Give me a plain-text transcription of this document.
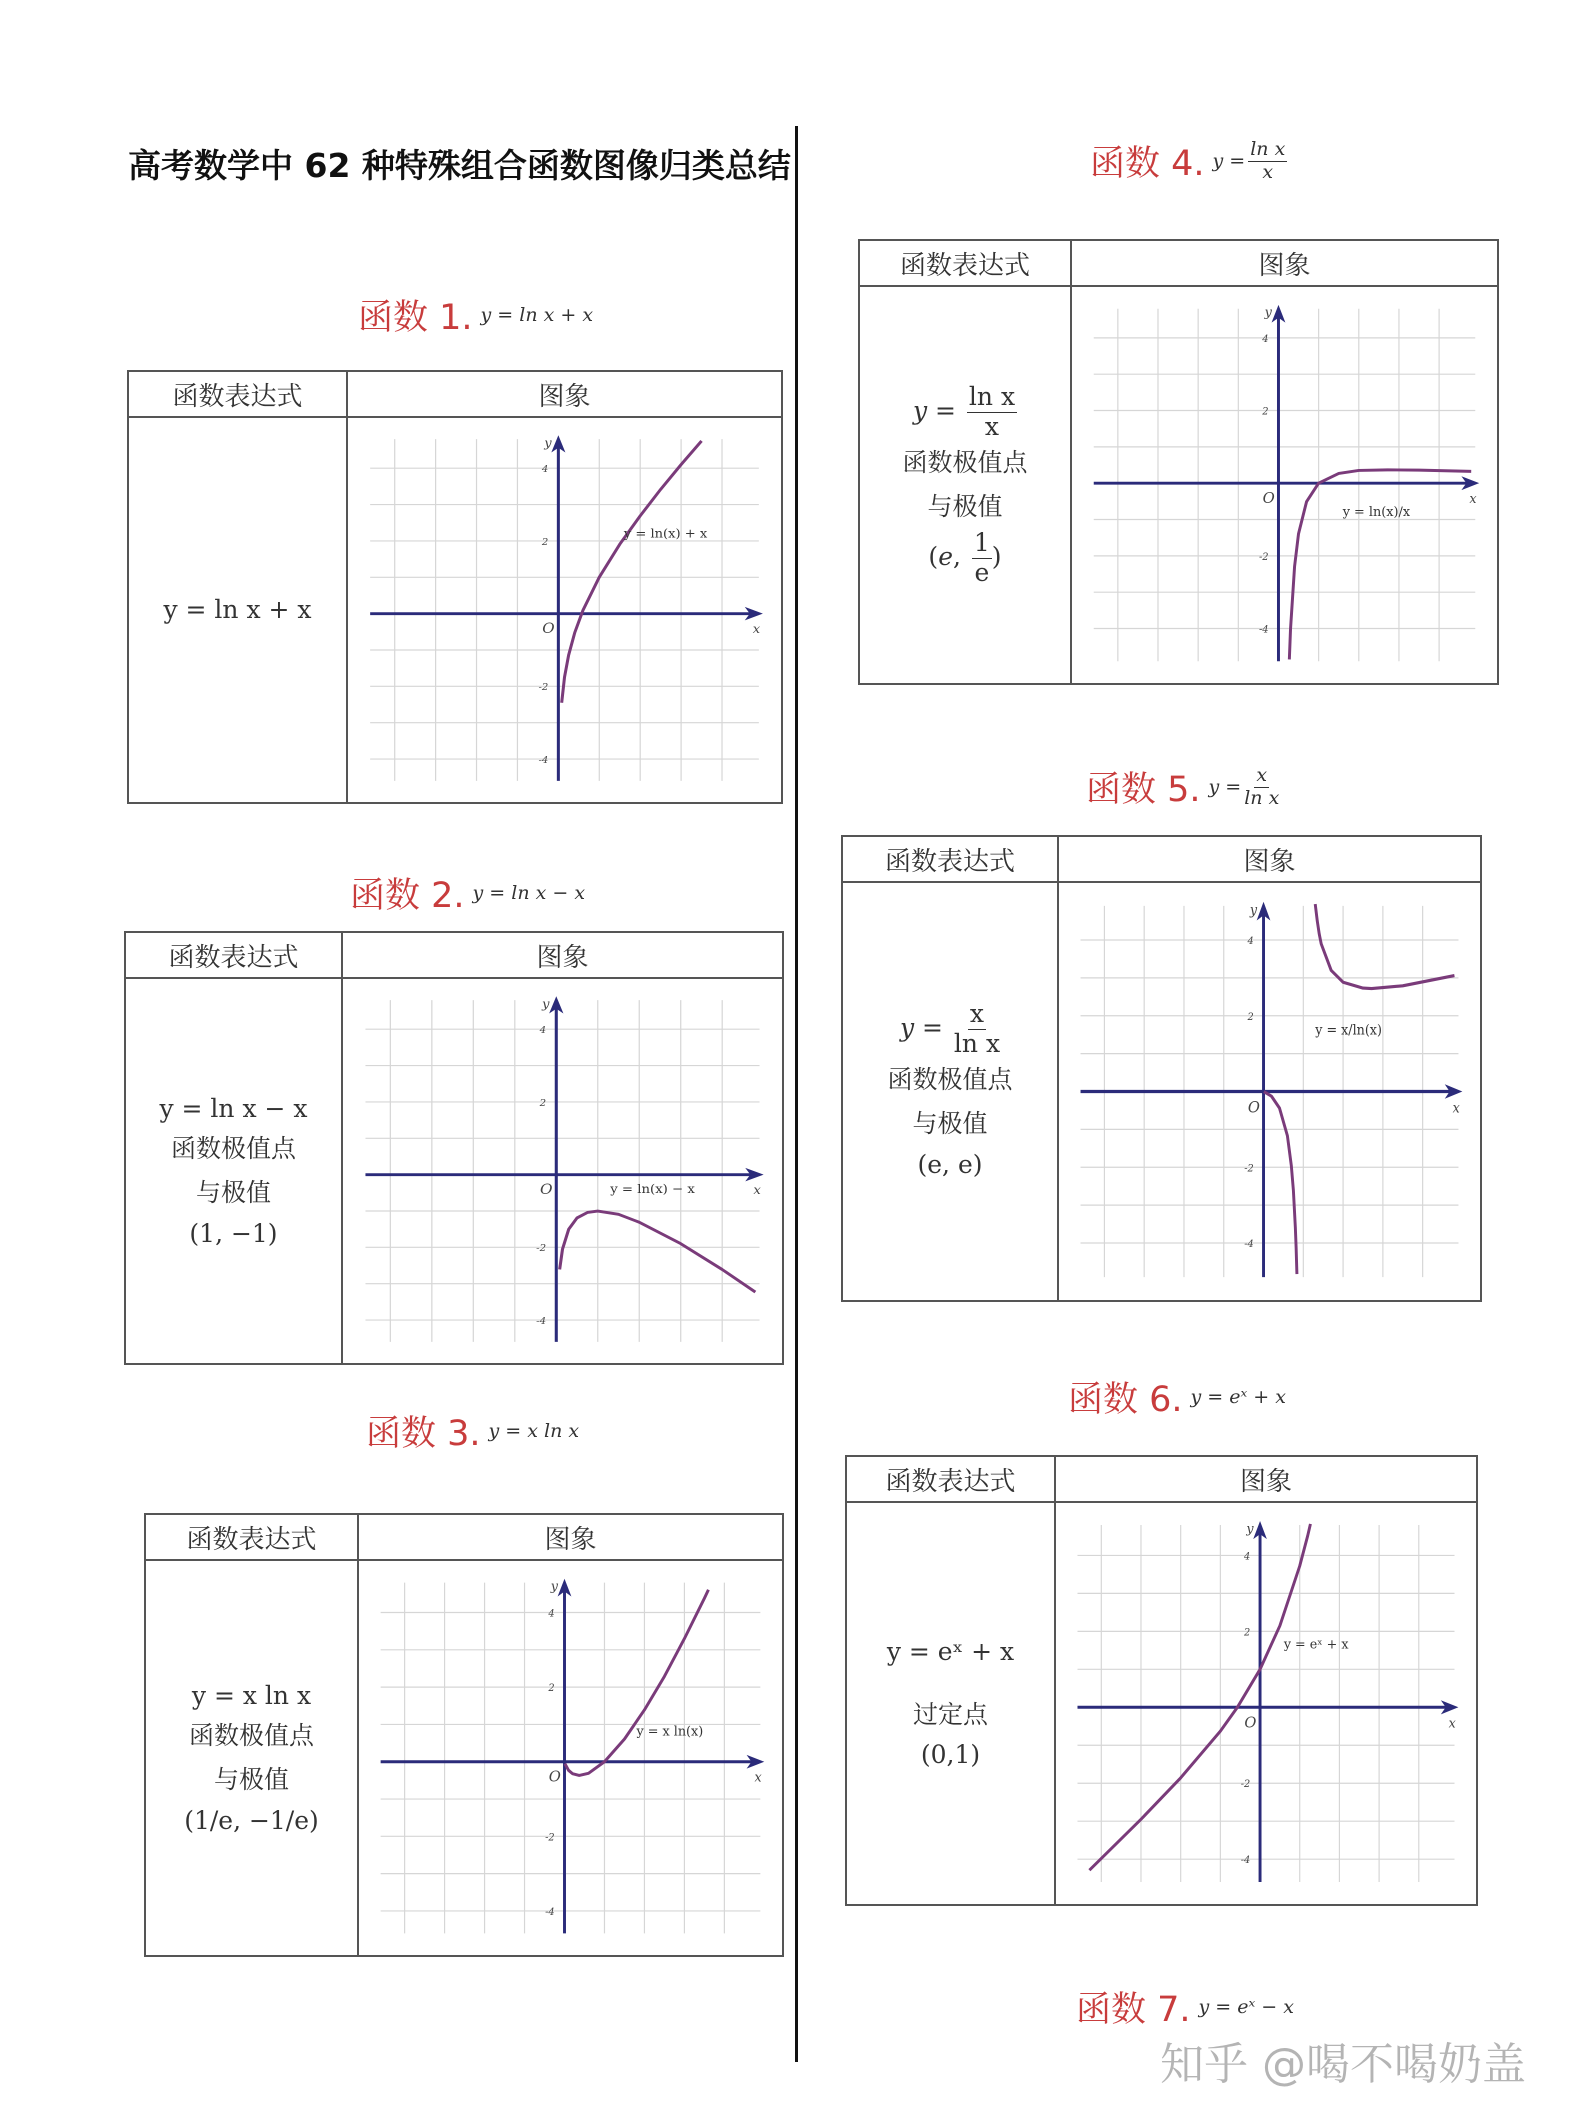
高考数学中 62 种特殊组合函数图像归类总结
函数 1. y = ln x + x
函数 2. y = ln x − x
函数 3. y = x ln x
函数 4. $y = \frac{\text{ln x}}{x}$
函数 5. $y = \frac{x}{\text{ln x}}$
函数 6. y = eˣ + x
函数 7. y = eˣ − x
函数表达式	图象

y = ln x + x

x
y
O
4
2
-2
-4
y = ln(x) + x
函数表达式	图象

y = ln x − x
函数极值点
与极值
(1, −1)

x
y
O
4
2
-2
-4
y = ln(x) − x
函数表达式	图象

y = x ln x
函数极值点
与极值
(1/e, −1/e)

x
y
O
4
2
-2
-4
y = x ln(x)
函数表达式	图象

$y = \frac{\text{ln x}}{x}$
函数极值点
与极值
(e, $\frac{1}{e}$ )

x
y
O
4
2
-2
-4
y = ln(x)/x
函数表达式	图象

$y = \frac{x}{\text{ln x}}$
函数极值点
与极值
(e, e)

x
y
O
4
2
-2
-4
y = x/ln(x)
函数表达式	图象

y = eˣ + x
过定点
(0,1)

x
y
O
4
2
-2
-4
y = eˣ + x
知乎 @喝不喝奶盖
